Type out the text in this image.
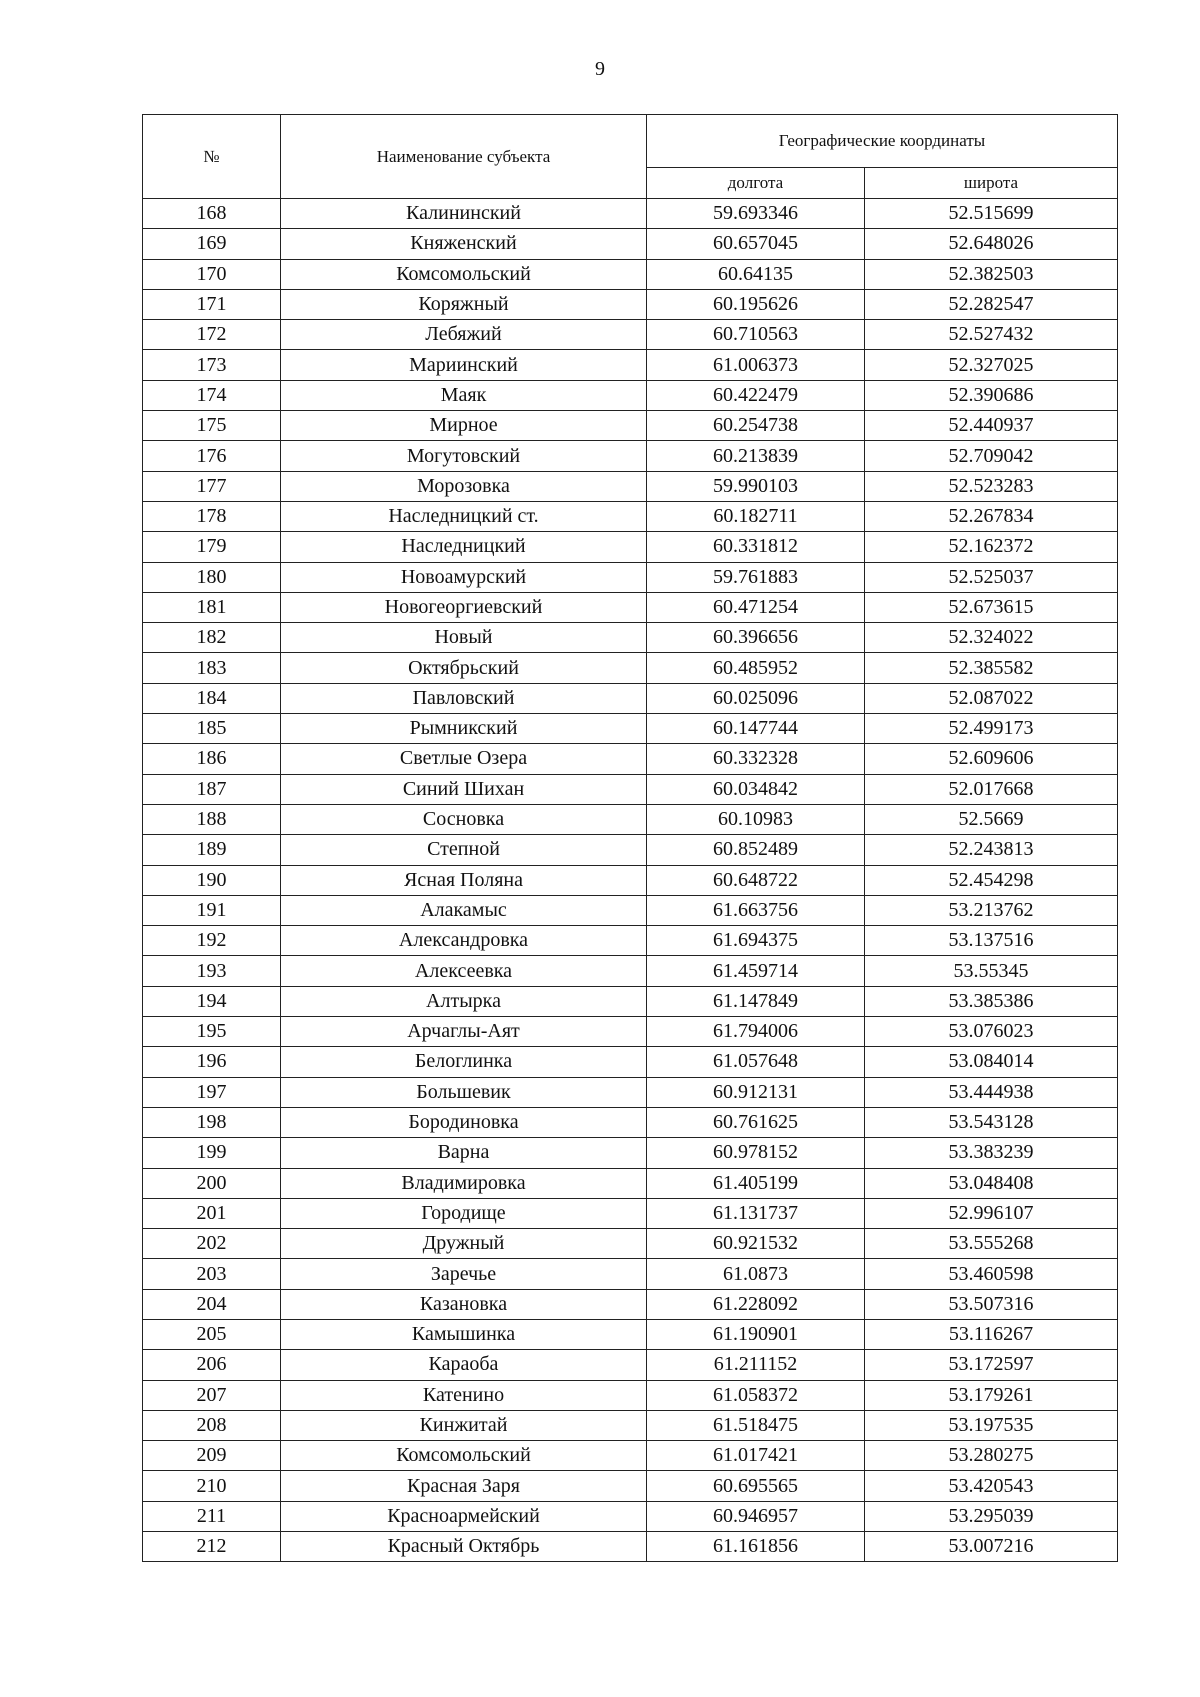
9
№	Наименование субъекта	Географические координаты	
		долгота	широта
168	Калининский	59.693346	52.515699
169	Княженский	60.657045	52.648026
170	Комсомольский	60.64135	52.382503
171	Коряжный	60.195626	52.282547
172	Лебяжий	60.710563	52.527432
173	Мариинский	61.006373	52.327025
174	Маяк	60.422479	52.390686
175	Мирное	60.254738	52.440937
176	Могутовский	60.213839	52.709042
177	Морозовка	59.990103	52.523283
178	Наследницкий ст.	60.182711	52.267834
179	Наследницкий	60.331812	52.162372
180	Новоамурский	59.761883	52.525037
181	Новогеоргиевский	60.471254	52.673615
182	Новый	60.396656	52.324022
183	Октябрьский	60.485952	52.385582
184	Павловский	60.025096	52.087022
185	Рымникский	60.147744	52.499173
186	Светлые Озера	60.332328	52.609606
187	Синий Шихан	60.034842	52.017668
188	Сосновка	60.10983	52.5669
189	Степной	60.852489	52.243813
190	Ясная Поляна	60.648722	52.454298
191	Алакамыс	61.663756	53.213762
192	Александровка	61.694375	53.137516
193	Алексеевка	61.459714	53.55345
194	Алтырка	61.147849	53.385386
195	Арчаглы-Аят	61.794006	53.076023
196	Белоглинка	61.057648	53.084014
197	Большевик	60.912131	53.444938
198	Бородиновка	60.761625	53.543128
199	Варна	60.978152	53.383239
200	Владимировка	61.405199	53.048408
201	Городище	61.131737	52.996107
202	Дружный	60.921532	53.555268
203	Заречье	61.0873	53.460598
204	Казановка	61.228092	53.507316
205	Камышинка	61.190901	53.116267
206	Караоба	61.211152	53.172597
207	Катенино	61.058372	53.179261
208	Кинжитай	61.518475	53.197535
209	Комсомольский	61.017421	53.280275
210	Красная Заря	60.695565	53.420543
211	Красноармейский	60.946957	53.295039
212	Красный Октябрь	61.161856	53.007216
